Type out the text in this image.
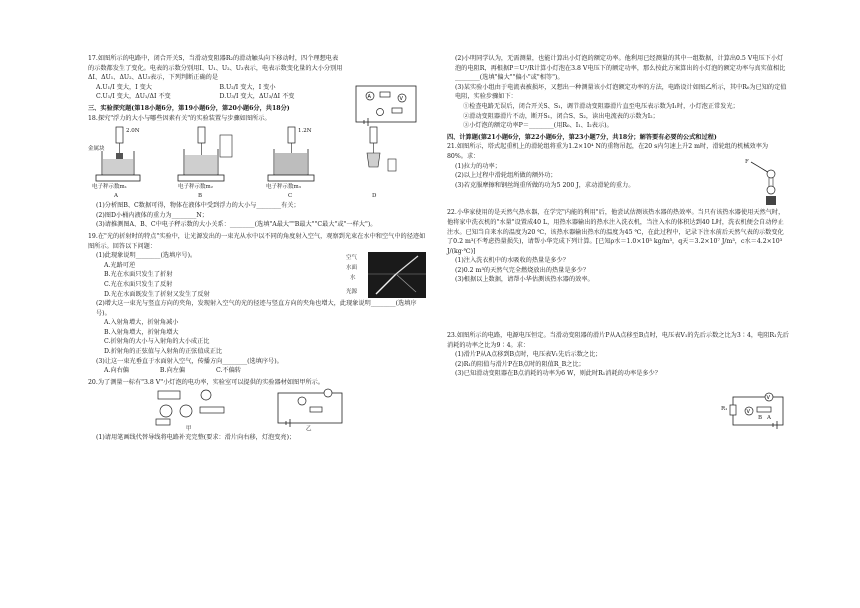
17.如图所示的电路中，闭合开关S，当滑动变阻器R₂的滑动触头向下移动时，四个理想电表的示数都发生了变化。电表的示数分别用I、U₁、U₂、U₃表示，电表示数变化量的大小分别用ΔI、ΔU₁、ΔU₂、ΔU₃表示，下列判断正确的是

A.U₁/I 变大，I 变大	B.U₂/I 变大，I 变小
C.U₁/I 变大，ΔU₁/ΔI 不变	D.U₃/I 变大，ΔU₃/ΔI 不变	A	V

三、实验探究题(第18小题6分，第19小题6分，第20小题6分，共18分)

18.探究"浮力的大小与哪些因素有关"的实验装置与步骤如图所示。

2.0N	1.2N
金属块
电子秤示数m₁	电子秤示数m₂	电子秤示数m₃
A	B	C	D

(1)分析图B、C数据可得，物体在液体中受到浮力的大小与________有关；

(2)图D小桶内液体的重力为________N；

(3)请推测图A、B、C中电子秤示数的大小关系：________(选填"A最大""B最大""C最大"或"一样大")。

19.在"光的折射时的特点"实验中，让光源发出的一束光从水中以不同的角度射入空气，观察到光束在水中和空气中的径迹如图所示。回答以下问题：

(1)此现象说明________(选填序号)。

A.光路可逆

B.光在水面只发生了折射

C.光在水面只发生了反射

D.光在水面既发生了折射又发生了反射

(2)增大这一束光与竖直方向的夹角，发现射入空气的光的径迹与竖直方向的夹角也增大，此现象说明________(选填序号)。

A.入射角增大，折射角减小

B.入射角增大，折射角增大

C.折射角的大小与入射角的大小成正比

D.折射角的正弦值与入射角的正弦值成正比

(3)让这一束光垂直于水面射入空气，传播方向________(选填序号)。

A.向右偏　　　　　B.向左偏　　　　　C.不偏转

空气
水面
水
光源

20.为了测量一标有"3.8 V"小灯泡的电功率，实验室可以提供的实验器材如图甲所示。

甲	乙

(1)请用笔画线代替导线将电路补充完整(要求：滑片向右移，灯泡变亮)；

(2)小明同学认为，无需测量，也能计算出小灯泡的额定功率。他利用已经测量的其中一组数据，计算出0.5 V电压下小灯泡的电阻R，再根据P＝U²/R计算小灯泡在3.8 V电压下的额定功率，那么按此方案算出的小灯泡的额定功率与真实值相比________(选填"偏大""偏小"或"相等")。

(3)某实验小组由于电流表被损坏，又想出一种测量该小灯泡额定功率的方法，电路设计如图乙所示，其中R₀为已知的定值电阻，实验步骤如下：

①检查电路无误后，闭合开关S、S₁，调节滑动变阻器滑片直至电压表示数为I₁时，小灯泡正常发光；

②滑动变阻器滑片不动，断开S₁，闭合S、S₂，读出电流表的示数为I₂；

③小灯泡的额定功率P＝________(用R₀、I₁、I₂表示)。

四、计算题(第21小题6分，第22小题6分，第23小题7分，共18分；解答要有必要的公式和过程)

21.如图所示，塔式起重机上的滑轮组将重为1.2×10⁴ N的重物吊起，在20 s内匀速上升2 m时，滑轮组的机械效率为80%。求：

(1)拉力的功率；

(2)以上过程中滑轮组所做的额外功；

(3)若克服摩擦和钢丝绳重所做的功为5 200 J，求动滑轮的重力。

F

22.小华家使用的是天然气热水器，在学完"内能的利用"后，他尝试估测该热水器的热效率。当只有该热水器使用天然气时，他将家中洗衣机的"水量"设置成40 L，用热水器输出的热水注入洗衣机，当注入水的体积达到40 L时，洗衣机便会自动停止注水。已知当自来水的温度为20 ℃，该热水器输出热水的温度为45 ℃，在此过程中，记录下注水前后天然气表的示数变化了0.2 m³(不考虑热量损失)，请帮小华完成下列计算。[已知ρ水＝1.0×10³ kg/m³，q天＝3.2×10⁷ J/m³，c水＝4.2×10³ J/(kg·℃)]

(1)注入洗衣机中的水吸收的热量是多少？

(2)0.2 m³的天然气完全燃烧放出的热量是多少？

(3)根据以上数据，请帮小华估测该热水器的效率。

23.如图所示的电路，电源电压恒定。当滑动变阻器的滑片P从A点移至B点时，电压表V₁的先后示数之比为3∶4，电阻R₁先后消耗的功率之比为9∶4。求：

(1)滑片P从A点移到B点时，电压表V₁先后示数之比；

(2)R₁的阻值与滑片P在B点时的阻值R_B之比；

(3)已知滑动变阻器在B点消耗的功率为6 W，则此时R₁消耗的功率是多少？

V
V
R₁
B A
